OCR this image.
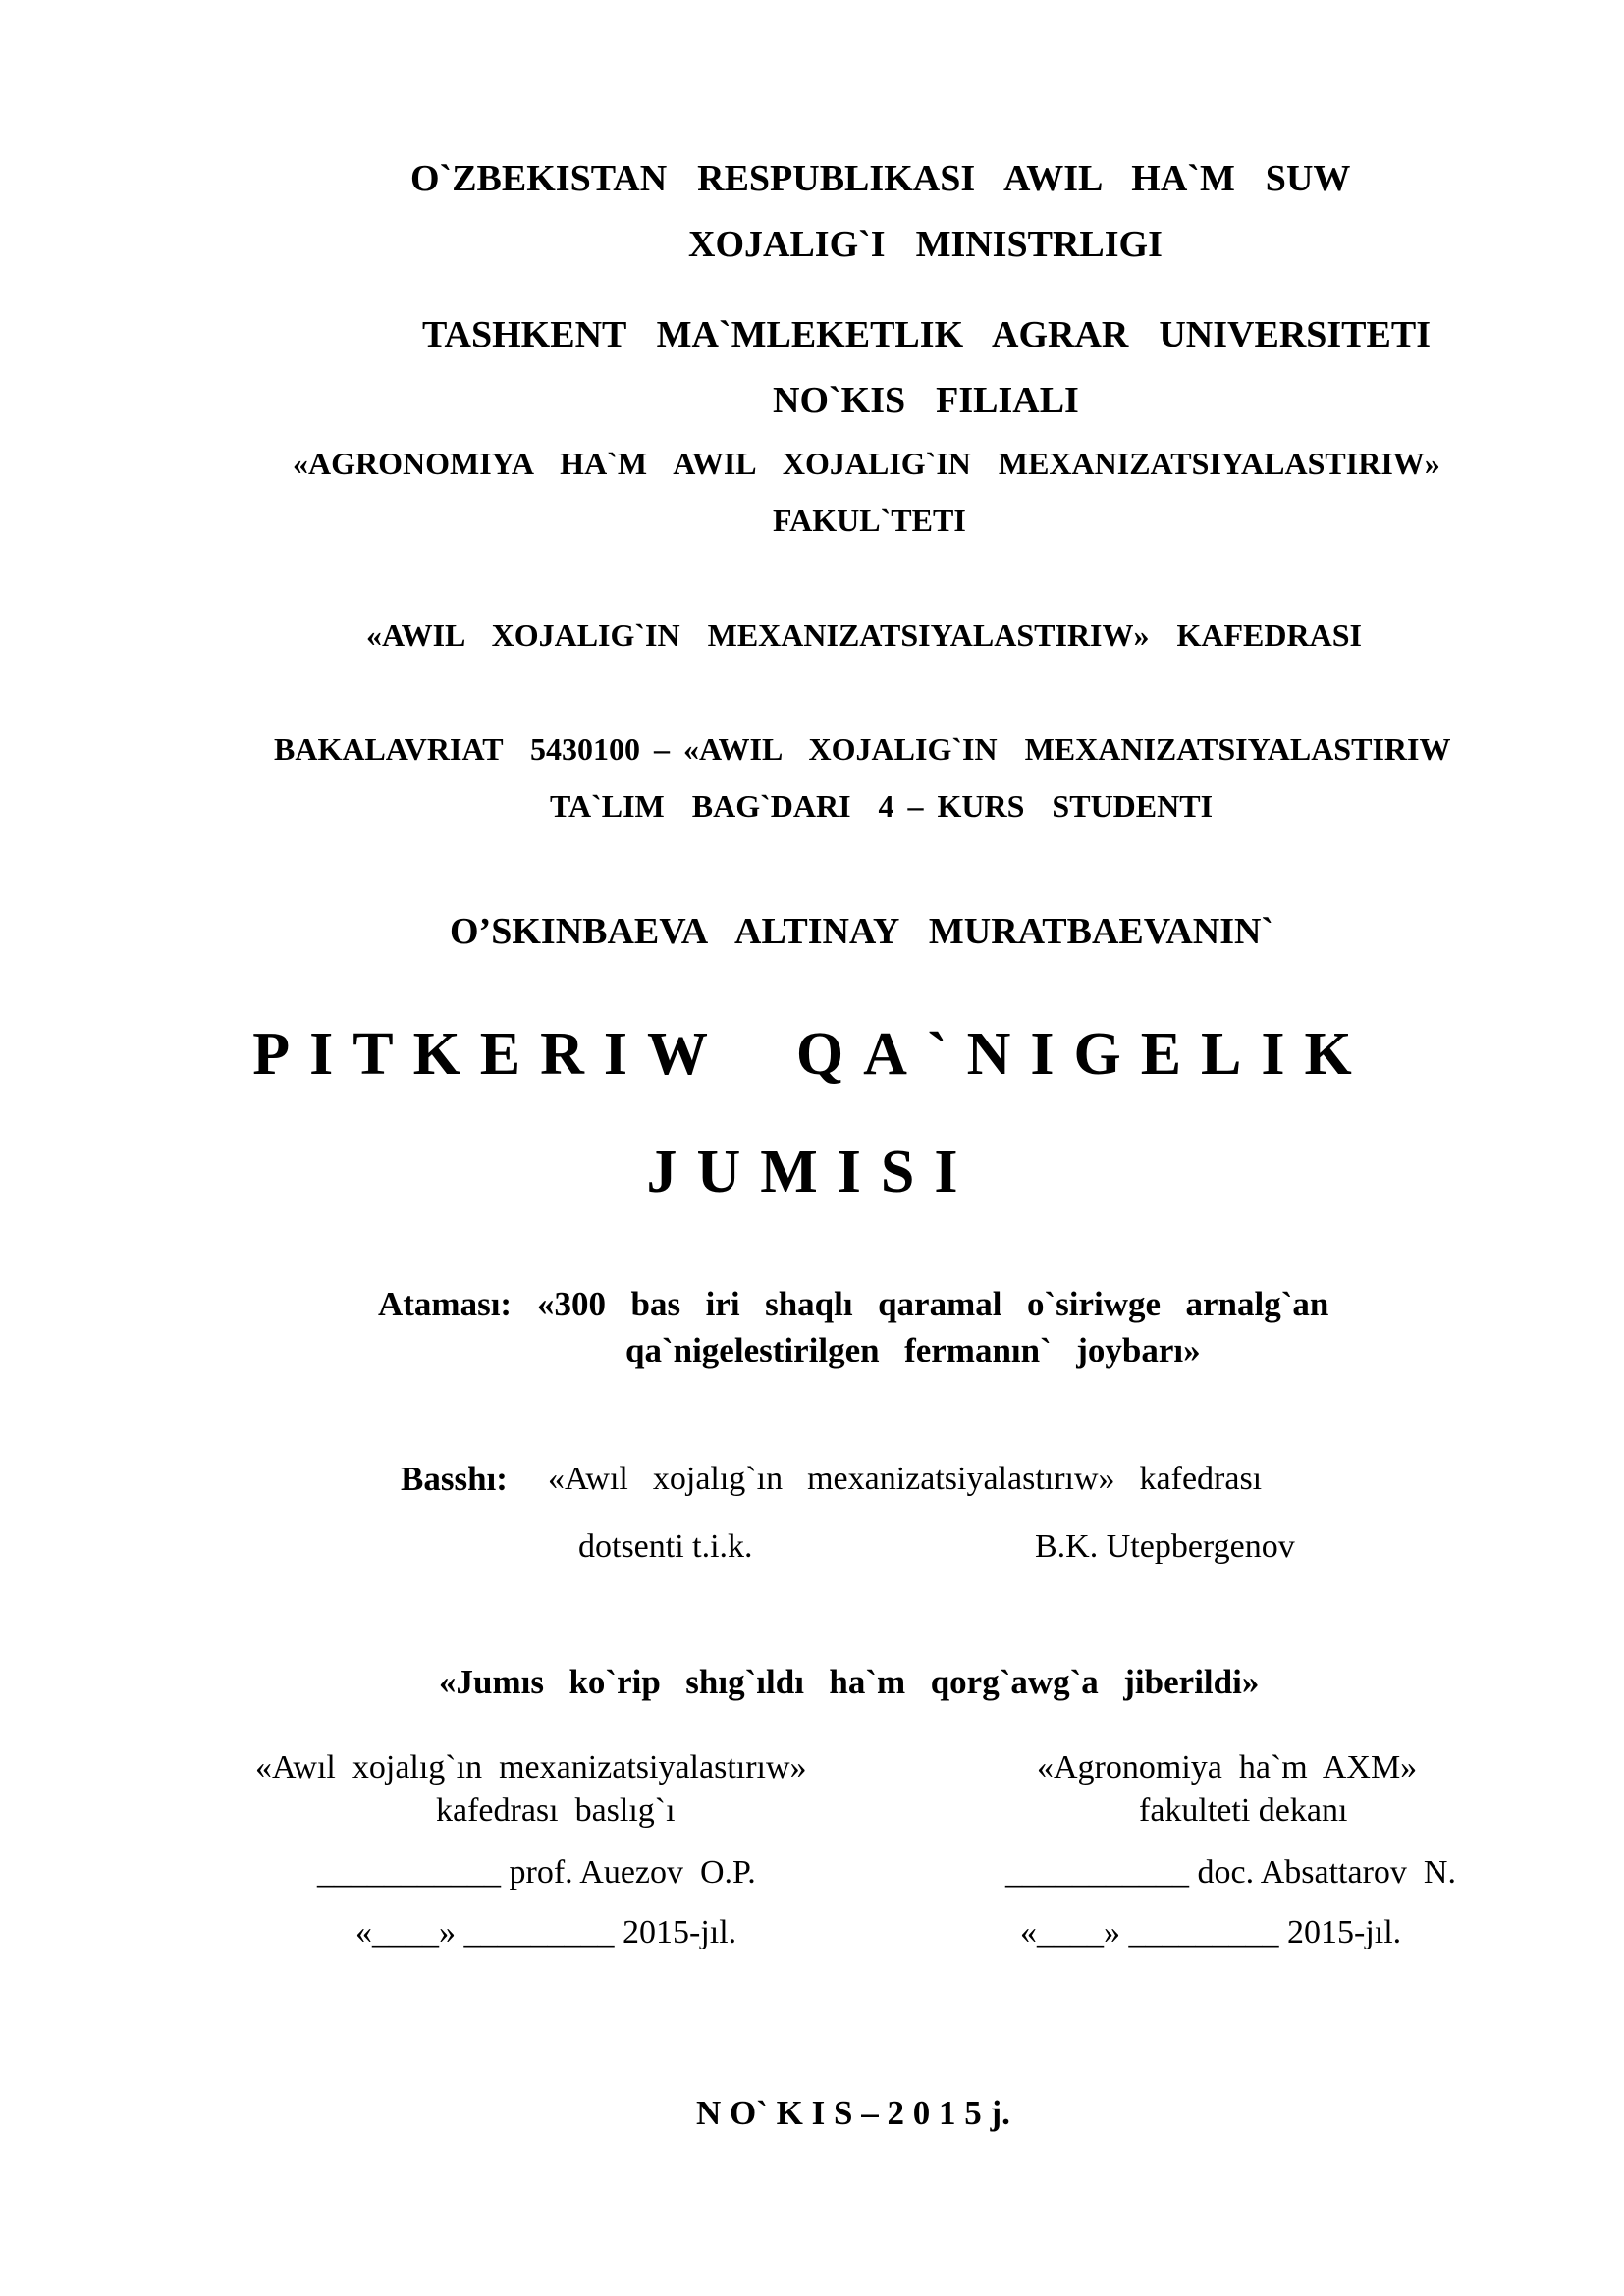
O`ZBEKISTAN  RESPUBLIKASI  AWIL  HA`M  SUW
XOJALIG`I  MINISTRLIGI
TASHKENT  MA`MLEKETLIK  AGRAR  UNIVERSITETI
NO`KIS  FILIALI
«AGRONOMIYA  HA`M  AWIL  XOJALIG`IN  MEXANIZATSIYALASTIRIW»
FAKUL`TETI
«AWIL  XOJALIG`IN  MEXANIZATSIYALASTIRIW»  KAFEDRASI
BAKALAVRIAT  5430100 – «AWIL  XOJALIG`IN  MEXANIZATSIYALASTIRIW
TA`LIM  BAG`DARI  4 – KURS  STUDENTI
O’SKINBAEVA  ALTINAY  MURATBAEVANIN`
PITKERIW  QA`NIGELIK
JUMISI
Ataması: «300  bas  iri  shaqlı  qaramal  o`siriwge  arnalg`an
qa`nigelestirilgen  fermanın`  joybarı»
Basshı: «Awıl  xojalıg`ın  mexanizatsiyalastırıw»  kafedrası
dotsenti t.i.k.	B.K. Utepbergenov
«Jumıs  ko`rip  shıg`ıldı  ha`m  qorg`awg`a  jiberildi»
«Awıl  xojalıg`ın  mexanizatsiyalastırıw»
kafedrası  baslıg`ı
___________ prof. Auezov  O.P.
«____» _________ 2015-jıl.
«Agronomiya  ha`m  AXM»
fakulteti dekanı
___________ doc. Absattarov  N.
«____» _________ 2015-jıl.
N O` K I S – 2 0 1 5 j.
